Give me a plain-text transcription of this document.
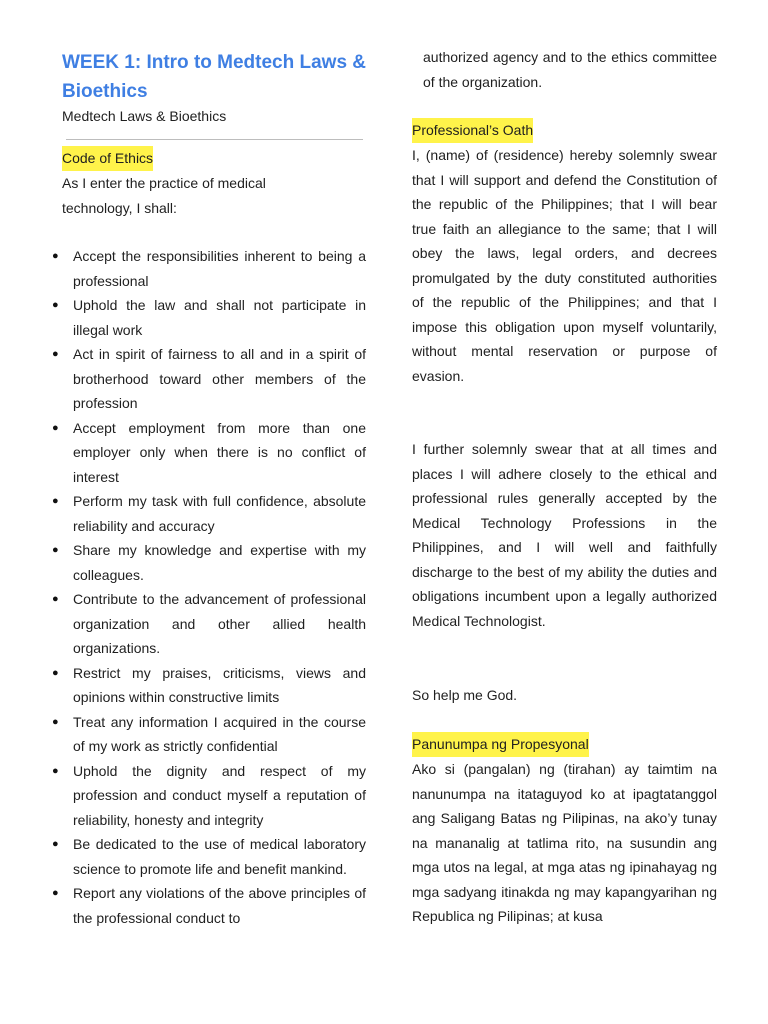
WEEK 1: Intro to Medtech Laws & Bioethics

Medtech Laws & Bioethics

Code of Ethics

As I enter the practice of medical technology, I shall:

● Accept the responsibilities inherent to being a professional
● Uphold the law and shall not participate in illegal work
● Act in spirit of fairness to all and in a spirit of brotherhood toward other members of the profession
● Accept employment from more than one employer only when there is no conflict of interest
● Perform my task with full confidence, absolute reliability and accuracy
● Share my knowledge and expertise with my colleagues.
● Contribute to the advancement of professional organization and other allied health organizations.
● Restrict my praises, criticisms, views and opinions within constructive limits
● Treat any information I acquired in the course of my work as strictly confidential
● Uphold the dignity and respect of my profession and conduct myself a reputation of reliability, honesty and integrity
● Be dedicated to the use of medical laboratory science to promote life and benefit mankind.
● Report any violations of the above principles of the professional conduct to

authorized agency and to the ethics committee of the organization.

Professional’s Oath

I, (name) of (residence) hereby solemnly swear that I will support and defend the Constitution of the republic of the Philippines; that I will bear true faith an allegiance to the same; that I will obey the laws, legal orders, and decrees promulgated by the duty constituted authorities of the republic of the Philippines; and that I impose this obligation upon myself voluntarily, without mental reservation or purpose of evasion.

I further solemnly swear that at all times and places I will adhere closely to the ethical and professional rules generally accepted by the Medical Technology Professions in the Philippines, and I will well and faithfully discharge to the best of my ability the duties and obligations incumbent upon a legally authorized Medical Technologist.

So help me God.

Panunumpa ng Propesyonal

Ako si (pangalan) ng (tirahan) ay taimtim na nanunumpa na itataguyod ko at ipagtatanggol ang Saligang Batas ng Pilipinas, na ako’y tunay na mananalig at tatlima rito, na susundin ang mga utos na legal, at mga atas ng ipinahayag ng mga sadyang itinakda ng may kapangyarihan ng Republica ng Pilipinas; at kusa
